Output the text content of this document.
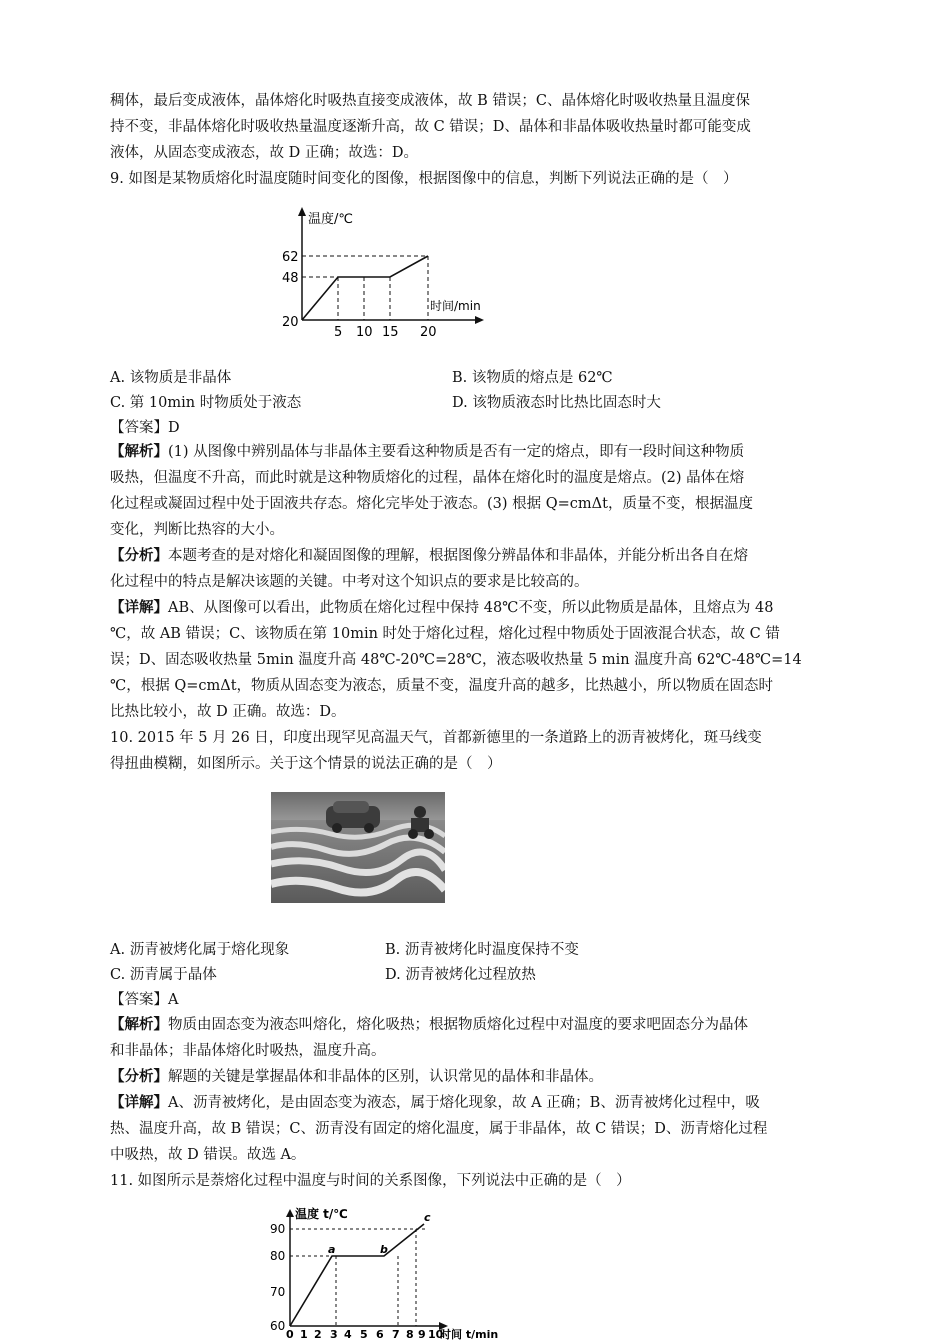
稠体，最后变成液体，晶体熔化时吸热直接变成液体，故 B 错误；C、晶体熔化时吸收热量且温度保
持不变，非晶体熔化时吸收热量温度逐渐升高，故 C 错误；D、晶体和非晶体吸收热量时都可能变成
液体，从固态变成液态，故 D 正确；故选：D。
9. 如图是某物质熔化时温度随时间变化的图像，根据图像中的信息，判断下列说法正确的是（　）
温度/℃
时间/min
62
48
20
5 10 15 20
A. 该物质是非晶体	B. 该物质的熔点是 62℃
C. 第 10min 时物质处于液态	D. 该物质液态时比热比固态时大
【答案】D
【解析】(1) 从图像中辨别晶体与非晶体主要看这种物质是否有一定的熔点，即有一段时间这种物质
吸热，但温度不升高，而此时就是这种物质熔化的过程，晶体在熔化时的温度是熔点。(2) 晶体在熔
化过程或凝固过程中处于固液共存态。熔化完毕处于液态。(3) 根据 Q=cmΔt，质量不变，根据温度
变化，判断比热容的大小。
【分析】本题考查的是对熔化和凝固图像的理解，根据图像分辨晶体和非晶体，并能分析出各自在熔
化过程中的特点是解决该题的关键。中考对这个知识点的要求是比较高的。
【详解】AB、从图像可以看出，此物质在熔化过程中保持 48℃不变，所以此物质是晶体，且熔点为 48
℃，故 AB 错误；C、该物质在第 10min 时处于熔化过程，熔化过程中物质处于固液混合状态，故 C 错
误；D、固态吸收热量 5min 温度升高 48℃-20℃=28℃，液态吸收热量 5 min 温度升高 62℃-48℃=14
℃，根据 Q=cmΔt，物质从固态变为液态，质量不变，温度升高的越多，比热越小，所以物质在固态时
比热比较小，故 D 正确。故选：D。
10. 2015 年 5 月 26 日，印度出现罕见高温天气，首都新德里的一条道路上的沥青被烤化，斑马线变
得扭曲模糊，如图所示。关于这个情景的说法正确的是（　）
A. 沥青被烤化属于熔化现象	B. 沥青被烤化时温度保持不变
C. 沥青属于晶体	D. 沥青被烤化过程放热
【答案】A
【解析】物质由固态变为液态叫熔化，熔化吸热；根据物质熔化过程中对温度的要求吧固态分为晶体
和非晶体；非晶体熔化时吸热，温度升高。
【分析】解题的关键是掌握晶体和非晶体的区别，认识常见的晶体和非晶体。
【详解】A、沥青被烤化，是由固态变为液态，属于熔化现象，故 A 正确；B、沥青被烤化过程中，吸
热、温度升高，故 B 错误；C、沥青没有固定的熔化温度，属于非晶体，故 C 错误；D、沥青熔化过程
中吸热，故 D 错误。故选 A。
11. 如图所示是萘熔化过程中温度与时间的关系图像，下列说法中正确的是（　）
温度 t/℃
时间 t/min
a	b
c
90
80
70
60
0 1 2 3 4 5 6 7 8 9 10
